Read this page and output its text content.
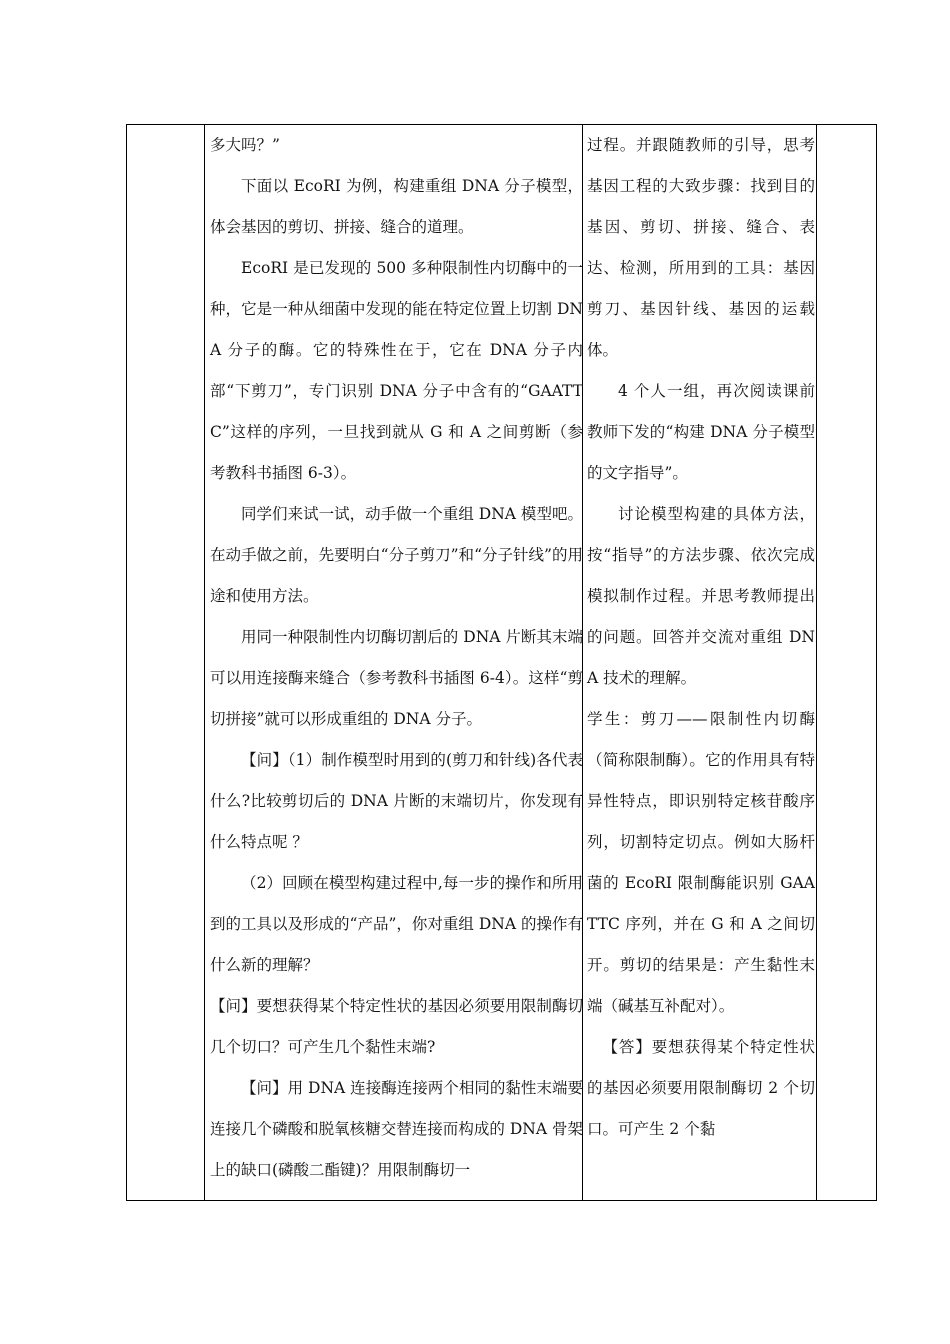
多大吗？”

下面以 EcoRI 为例，构建重组 DNA 分子模型，体会基因的剪切、拼接、缝合的道理。

EcoRI 是已发现的 500 多种限制性内切酶中的一种，它是一种从细菌中发现的能在特定位置上切割 DNA 分子的酶。它的特殊性在于，它在 DNA 分子内部“下剪刀”，专门识别 DNA 分子中含有的“GAATTC”这样的序列，一旦找到就从 G 和 A 之间剪断（参考教科书插图 6-3）。

同学们来试一试，动手做一个重组 DNA 模型吧。在动手做之前，先要明白“分子剪刀”和“分子针线”的用途和使用方法。

用同一种限制性内切酶切割后的 DNA 片断其末端可以用连接酶来缝合（参考教科书插图 6-4）。这样“剪切拼接”就可以形成重组的 DNA 分子。

【问】（1）制作模型时用到的(剪刀和针线)各代表什么?比较剪切后的 DNA 片断的末端切片，你发现有什么特点呢 ？

（2）回顾在模型构建过程中,每一步的操作和所用到的工具以及形成的“产品”，你对重组 DNA 的操作有什么新的理解？

【问】要想获得某个特定性状的基因必须要用限制酶切几个切口？可产生几个黏性末端?

【问】用 DNA 连接酶连接两个相同的黏性末端要连接几个磷酸和脱氧核糖交替连接而构成的 DNA 骨架上的缺口(磷酸二酯键)？用限制酶切一

过程。并跟随教师的引导，思考基因工程的大致步骤：找到目的基因、剪切、拼接、缝合、表达、检测，所用到的工具：基因剪刀、基因针线、基因的运载体。

4 个人一组，再次阅读课前教师下发的“构建 DNA 分子模型的文字指导”。

讨论模型构建的具体方法，按“指导”的方法步骤、依次完成模拟制作过程。并思考教师提出的问题。回答并交流对重组 DNA 技术的理解。

学生：剪刀——限制性内切酶（简称限制酶）。它的作用具有特异性特点，即识别特定核苷酸序列，切割特定切点。例如大肠杆菌的 EcoRI 限制酶能识别 GAATTC 序列，并在 G 和 A 之间切开。剪切的结果是：产生黏性末端（碱基互补配对）。

【答】要想获得某个特定性状的基因必须要用限制酶切 2 个切口。可产生 2 个黏
